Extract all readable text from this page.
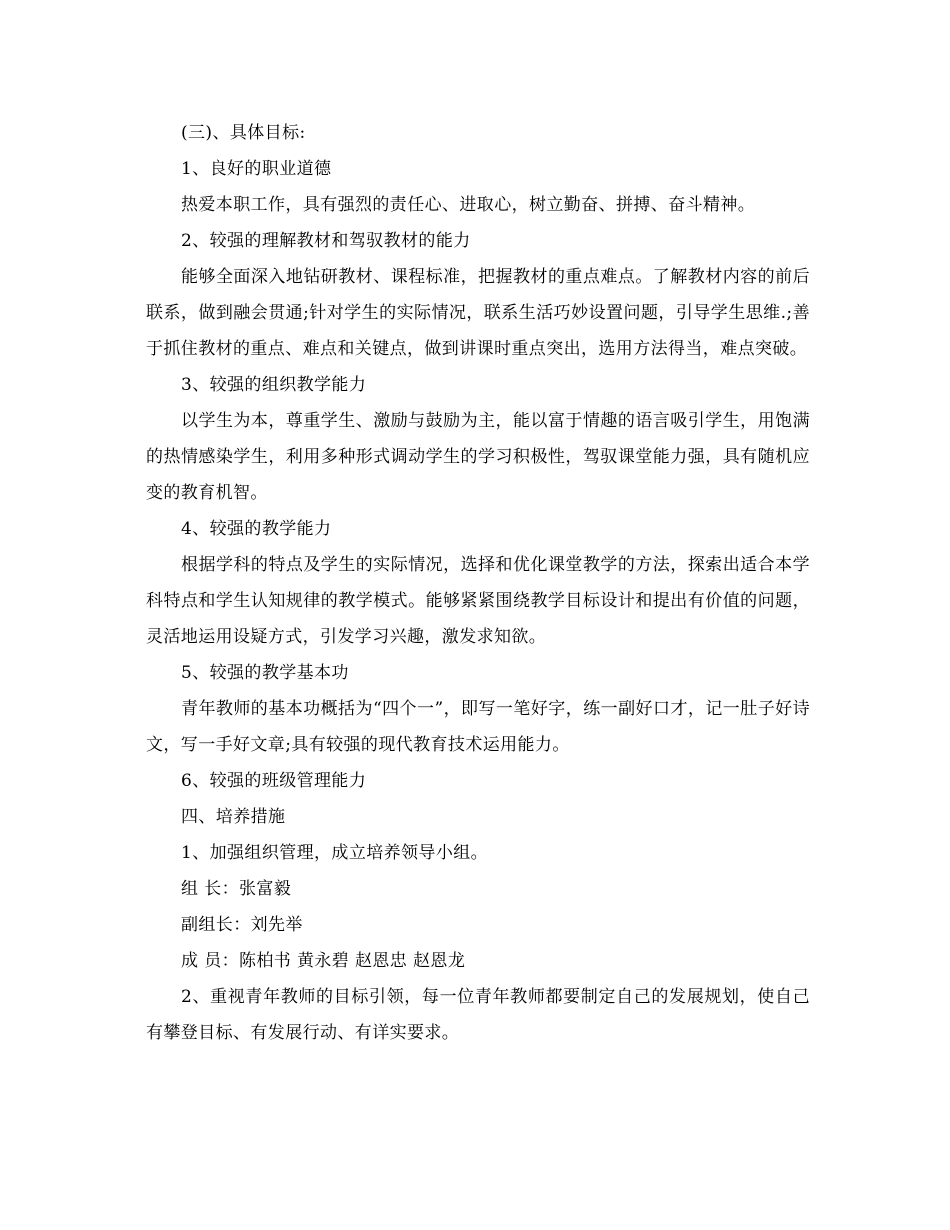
(三)、具体目标:

1、良好的职业道德

热爱本职工作，具有强烈的责任心、进取心，树立勤奋、拼搏、奋斗精神。

2、较强的理解教材和驾驭教材的能力

能够全面深入地钻研教材、课程标准，把握教材的重点难点。了解教材内容的前后联系，做到融会贯通;针对学生的实际情况，联系生活巧妙设置问题，引导学生思维.;善于抓住教材的重点、难点和关键点，做到讲课时重点突出，选用方法得当，难点突破。

3、较强的组织教学能力

以学生为本，尊重学生、激励与鼓励为主，能以富于情趣的语言吸引学生，用饱满的热情感染学生，利用多种形式调动学生的学习积极性，驾驭课堂能力强，具有随机应变的教育机智。

4、较强的教学能力

根据学科的特点及学生的实际情况，选择和优化课堂教学的方法，探索出适合本学科特点和学生认知规律的教学模式。能够紧紧围绕教学目标设计和提出有价值的问题，灵活地运用设疑方式，引发学习兴趣，激发求知欲。

5、较强的教学基本功

青年教师的基本功概括为“四个一”，即写一笔好字，练一副好口才，记一肚子好诗文，写一手好文章;具有较强的现代教育技术运用能力。

6、较强的班级管理能力

四、培养措施

1、加强组织管理，成立培养领导小组。

组 长：张富毅

副组长：刘先举

成 员：陈柏书 黄永碧 赵恩忠 赵恩龙

2、重视青年教师的目标引领，每一位青年教师都要制定自己的发展规划，使自己有攀登目标、有发展行动、有详实要求。
